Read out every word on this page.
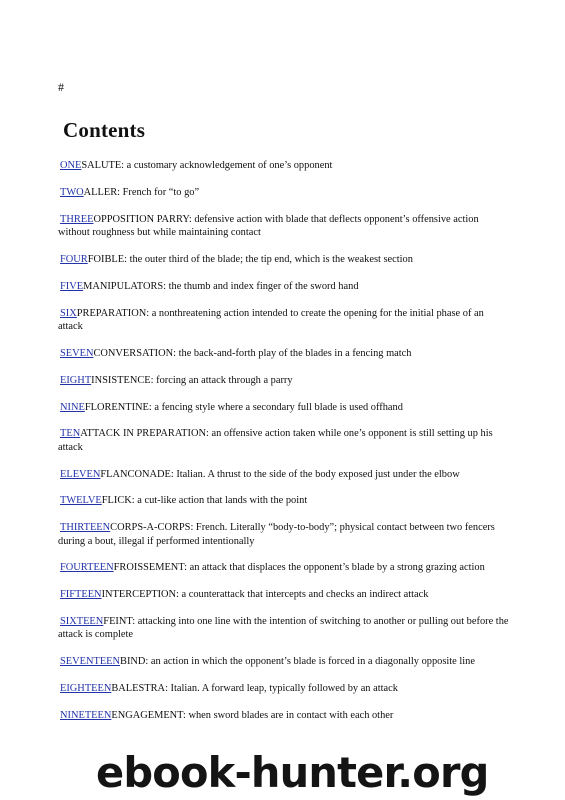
#
Contents
ONESALUTE: a customary acknowledgement of one’s opponent
TWOALLER: French for “to go”
THREEOPPOSITION PARRY: defensive action with blade that deflects opponent’s offensive action without roughness but while maintaining contact
FOURFOIBLE: the outer third of the blade; the tip end, which is the weakest section
FIVEMANIPULATORS: the thumb and index finger of the sword hand
SIXPREPARATION: a nonthreatening action intended to create the opening for the initial phase of an attack
SEVENCONVERSATION: the back-and-forth play of the blades in a fencing match
EIGHTINSISTENCE: forcing an attack through a parry
NINEFLORENTINE: a fencing style where a secondary full blade is used offhand
TENATTACK IN PREPARATION: an offensive action taken while one’s opponent is still setting up his attack
ELEVENFLANCONADE: Italian. A thrust to the side of the body exposed just under the elbow
TWELVEFLICK: a cut-like action that lands with the point
THIRTEENCORPS-A-CORPS: French. Literally “body-to-body”; physical contact between two fencers during a bout, illegal if performed intentionally
FOURTEENFROISSEMENT: an attack that displaces the opponent’s blade by a strong grazing action
FIFTEENINTERCEPTION: a counterattack that intercepts and checks an indirect attack
SIXTEENFEINT: attacking into one line with the intention of switching to another or pulling out before the attack is complete
SEVENTEENBIND: an action in which the opponent’s blade is forced in a diagonally opposite line
EIGHTEENBALESTRA: Italian. A forward leap, typically followed by an attack
NINETEENENGAGEMENT: when sword blades are in contact with each other
ebook-hunter.org
